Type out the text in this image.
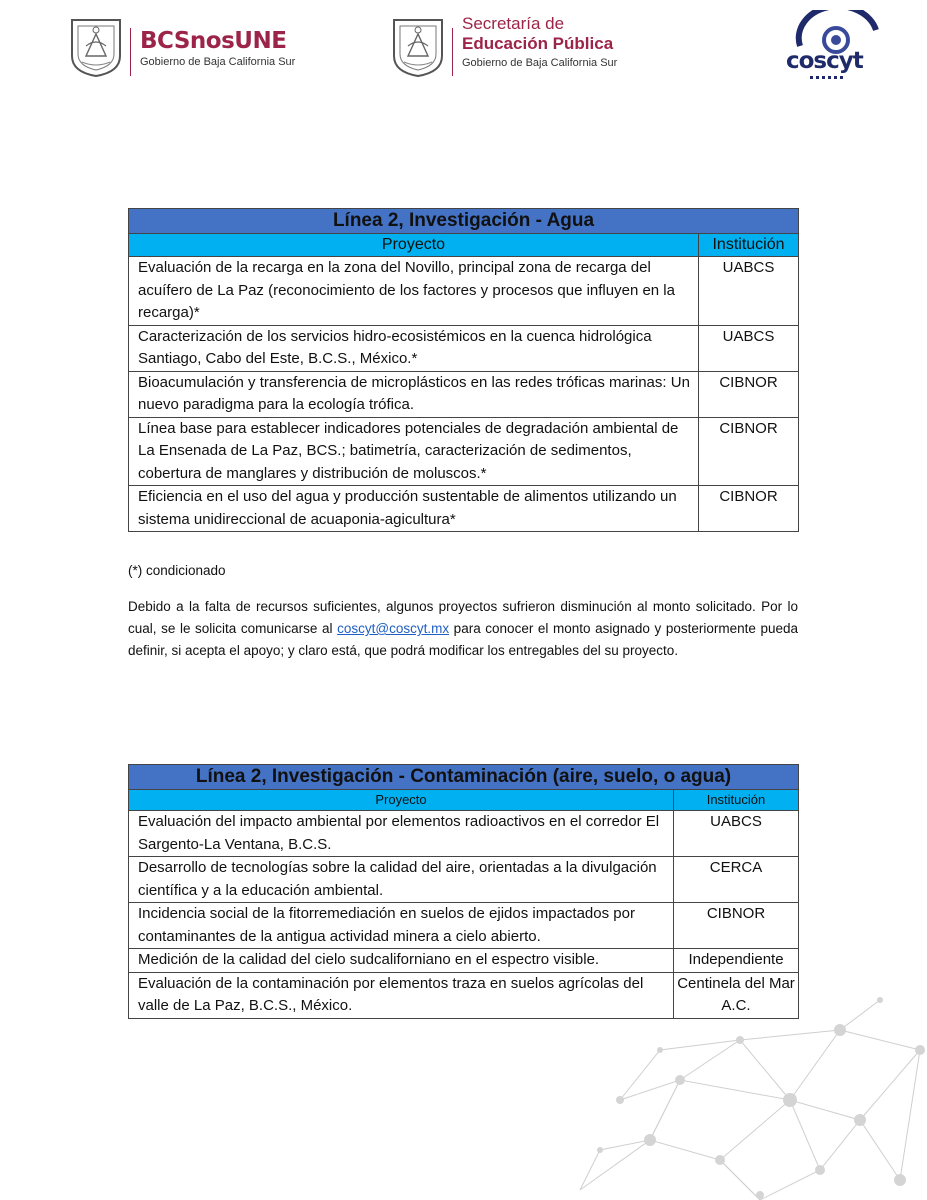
BCSnosUNE
Gobierno de Baja California Sur
Secretaría de
Educación Pública
Gobierno de Baja California Sur	coscyt
Línea 2, Investigación - Agua	
Proyecto	Institución
Evaluación de la recarga en la zona del Novillo, principal zona de recarga del acuífero de La Paz (reconocimiento de los factores y procesos que influyen en la recarga)*	UABCS
Caracterización de los servicios hidro-ecosistémicos en la cuenca hidrológica Santiago, Cabo del Este, B.C.S., México.*	UABCS
Bioacumulación y transferencia de microplásticos en las redes tróficas marinas: Un nuevo paradigma para la ecología trófica.	CIBNOR
Línea base para establecer indicadores potenciales de degradación ambiental de La Ensenada de La Paz, BCS.; batimetría, caracterización de sedimentos, cobertura de manglares y distribución de moluscos.*	CIBNOR
Eficiencia en el uso del agua y producción sustentable de alimentos utilizando un sistema unidireccional de acuaponia-agicultura*	CIBNOR
(*) condicionado
Debido a la falta de recursos suficientes, algunos proyectos sufrieron disminución al monto solicitado. Por lo cual, se le solicita comunicarse al coscyt@coscyt.mx para conocer el monto asignado y posteriormente pueda definir, si acepta el apoyo; y claro está, que podrá modificar los entregables del su proyecto.
Línea 2, Investigación - Contaminación (aire, suelo, o agua)	
Proyecto	Institución
Evaluación del impacto ambiental por elementos radioactivos en el corredor El Sargento-La Ventana, B.C.S.	UABCS
Desarrollo de tecnologías sobre la calidad del aire, orientadas a la divulgación científica y a la educación ambiental.	CERCA
Incidencia social de la fitorremediación en suelos de ejidos impactados por contaminantes de la antigua actividad minera a cielo abierto.	CIBNOR
Medición de la calidad del cielo sudcaliforniano en el espectro visible.	Independiente
Evaluación de la contaminación por elementos traza en suelos agrícolas del valle de La Paz, B.C.S., México.	Centinela del Mar A.C.
